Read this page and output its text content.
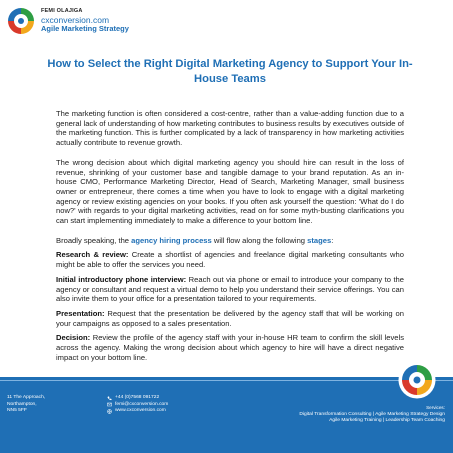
FEMI OLAJIGA
cxconversion.com
Agile Marketing Strategy
How to Select the Right Digital Marketing Agency to Support Your In-House Teams

The marketing function is often considered a cost-centre, rather than a value-adding function due to a general lack of understanding of how marketing contributes to business results by executives outside of the marketing function. This is further complicated by a lack of transparency in how marketing activities actually contribute to revenue growth.

The wrong decision about which digital marketing agency you should hire can result in the loss of revenue, shrinking of your customer base and tangible damage to your brand reputation. As an in-house CMO, Performance Marketing Director, Head of Search, Marketing Manager, small business owner or entrepreneur, there comes a time when you have to look to engage with a digital marketing agency or review existing agencies on your books. If you often ask yourself the question: 'What do I do now?' with regards to your digital marketing activities, read on for some myth-busting clarifications you can start implementing immediately to make a difference to your bottom line.

Broadly speaking, the agency hiring process will flow along the following stages:

Research & review: Create a shortlist of agencies and freelance digital marketing consultants who might be able to offer the services you need.

Initial introductory phone interview: Reach out via phone or email to introduce your company to the agency or consultant and request a virtual demo to help you understand their service offerings. You can also invite them to your office for a presentation tailored to your requirements.

Presentation: Request that the presentation be delivered by the agency staff that will be working on your campaigns as opposed to a sales presentation.

Decision: Review the profile of the agency staff with your in-house HR team to confirm the skill levels across the agency. Making the wrong decision about which agency to hire will have a direct negative impact on your bottom line.

11 The Approach,
Northampton,
NN5 5FF
+44 (0)7568 091722
femi@cxconversion.com
www.cxconversion.com
Services:
Digital Transformation Consulting | Agile Marketing Strategy Design
Agile Marketing Training | Leadership Team Coaching
